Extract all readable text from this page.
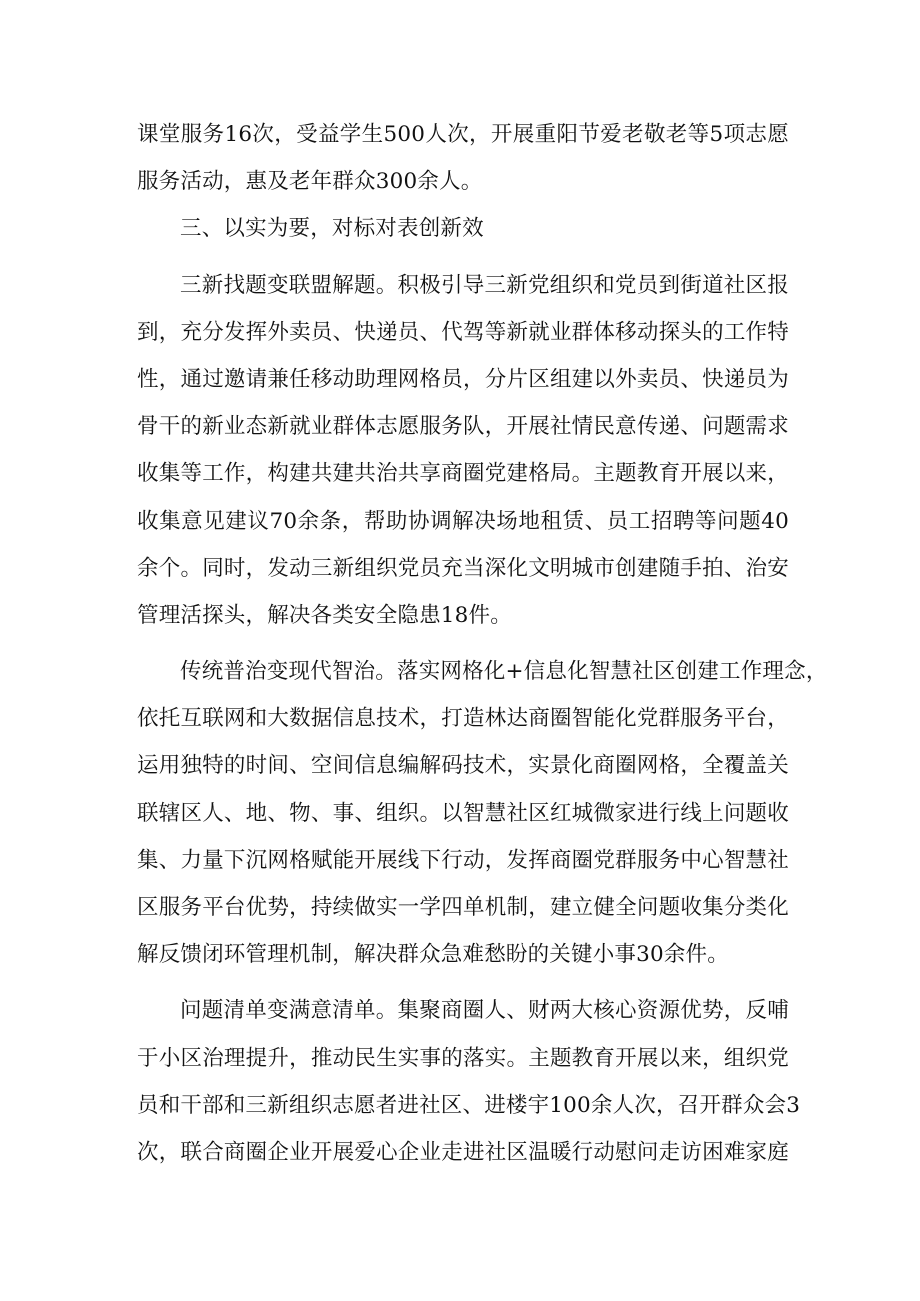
课堂服务16次，受益学生500人次，开展重阳节爱老敬老等5项志愿
服务活动，惠及老年群众300余人。
三、以实为要，对标对表创新效
三新找题变联盟解题。积极引导三新党组织和党员到街道社区报
到，充分发挥外卖员、快递员、代驾等新就业群体移动探头的工作特
性，通过邀请兼任移动助理网格员，分片区组建以外卖员、快递员为
骨干的新业态新就业群体志愿服务队，开展社情民意传递、问题需求
收集等工作，构建共建共治共享商圈党建格局。主题教育开展以来，
收集意见建议70余条，帮助协调解决场地租赁、员工招聘等问题40
余个。同时，发动三新组织党员充当深化文明城市创建随手拍、治安
管理活探头，解决各类安全隐患18件。
传统普治变现代智治。落实网格化+信息化智慧社区创建工作理念，
依托互联网和大数据信息技术，打造林达商圈智能化党群服务平台，
运用独特的时间、空间信息编解码技术，实景化商圈网格，全覆盖关
联辖区人、地、物、事、组织。以智慧社区红城微家进行线上问题收
集、力量下沉网格赋能开展线下行动，发挥商圈党群服务中心智慧社
区服务平台优势，持续做实一学四单机制，建立健全问题收集分类化
解反馈闭环管理机制，解决群众急难愁盼的关键小事30余件。
问题清单变满意清单。集聚商圈人、财两大核心资源优势，反哺
于小区治理提升，推动民生实事的落实。主题教育开展以来，组织党
员和干部和三新组织志愿者进社区、进楼宇100余人次，召开群众会3
次，联合商圈企业开展爱心企业走进社区温暖行动慰问走访困难家庭
